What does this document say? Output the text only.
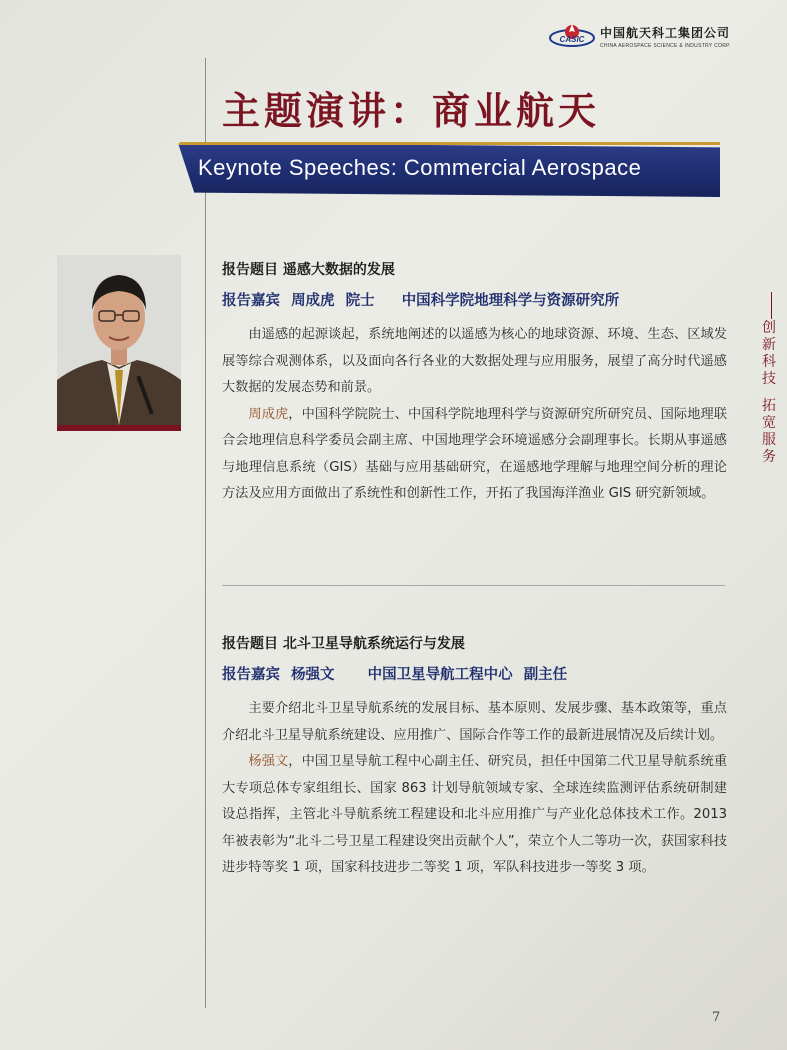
CASIC 中国航天科工集团公司
CHINA AEROSPACE SCIENCE & INDUSTRY CORP.
主题演讲：商业航天
Keynote Speeches: Commercial Aerospace
创新科技
拓宽服务

报告题目 遥感大数据的发展

报告嘉宾 周成虎 院士 中国科学院地理科学与资源研究所

由遥感的起源谈起，系统地阐述的以遥感为核心的地球资源、环境、生态、区域发展等综合观测体系，以及面向各行各业的大数据处理与应用服务，展望了高分时代遥感大数据的发展态势和前景。

周成虎，中国科学院院士、中国科学院地理科学与资源研究所研究员、国际地理联合会地理信息科学委员会副主席、中国地理学会环境遥感分会副理事长。长期从事遥感与地理信息系统（GIS）基础与应用基础研究，在遥感地学理解与地理空间分析的理论方法及应用方面做出了系统性和创新性工作，开拓了我国海洋渔业 GIS 研究新领域。

报告题目 北斗卫星导航系统运行与发展

报告嘉宾 杨强文 中国卫星导航工程中心 副主任

主要介绍北斗卫星导航系统的发展目标、基本原则、发展步骤、基本政策等，重点介绍北斗卫星导航系统建设、应用推广、国际合作等工作的最新进展情况及后续计划。

杨强文，中国卫星导航工程中心副主任、研究员，担任中国第二代卫星导航系统重大专项总体专家组组长、国家 863 计划导航领域专家、全球连续监测评估系统研制建设总指挥，主管北斗导航系统工程建设和北斗应用推广与产业化总体技术工作。2013 年被表彰为“北斗二号卫星工程建设突出贡献个人”，荣立个人二等功一次，获国家科技进步特等奖 1 项，国家科技进步二等奖 1 项，军队科技进步一等奖 3 项。

7
